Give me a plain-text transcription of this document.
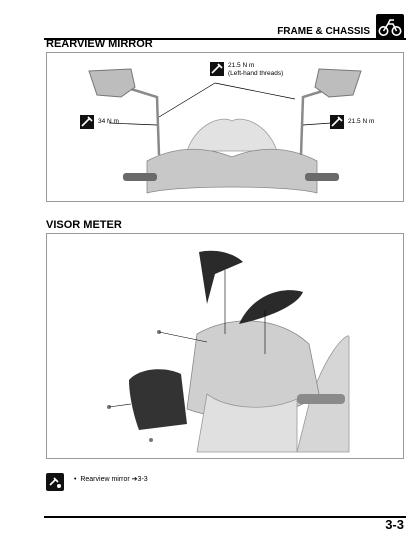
FRAME & CHASSIS
REARVIEW MIRROR
34 N m
21.5 N m
(Left-hand threads)
21.5 N m
VISOR METER
• Rearview mirror ➔3-3
3-3
